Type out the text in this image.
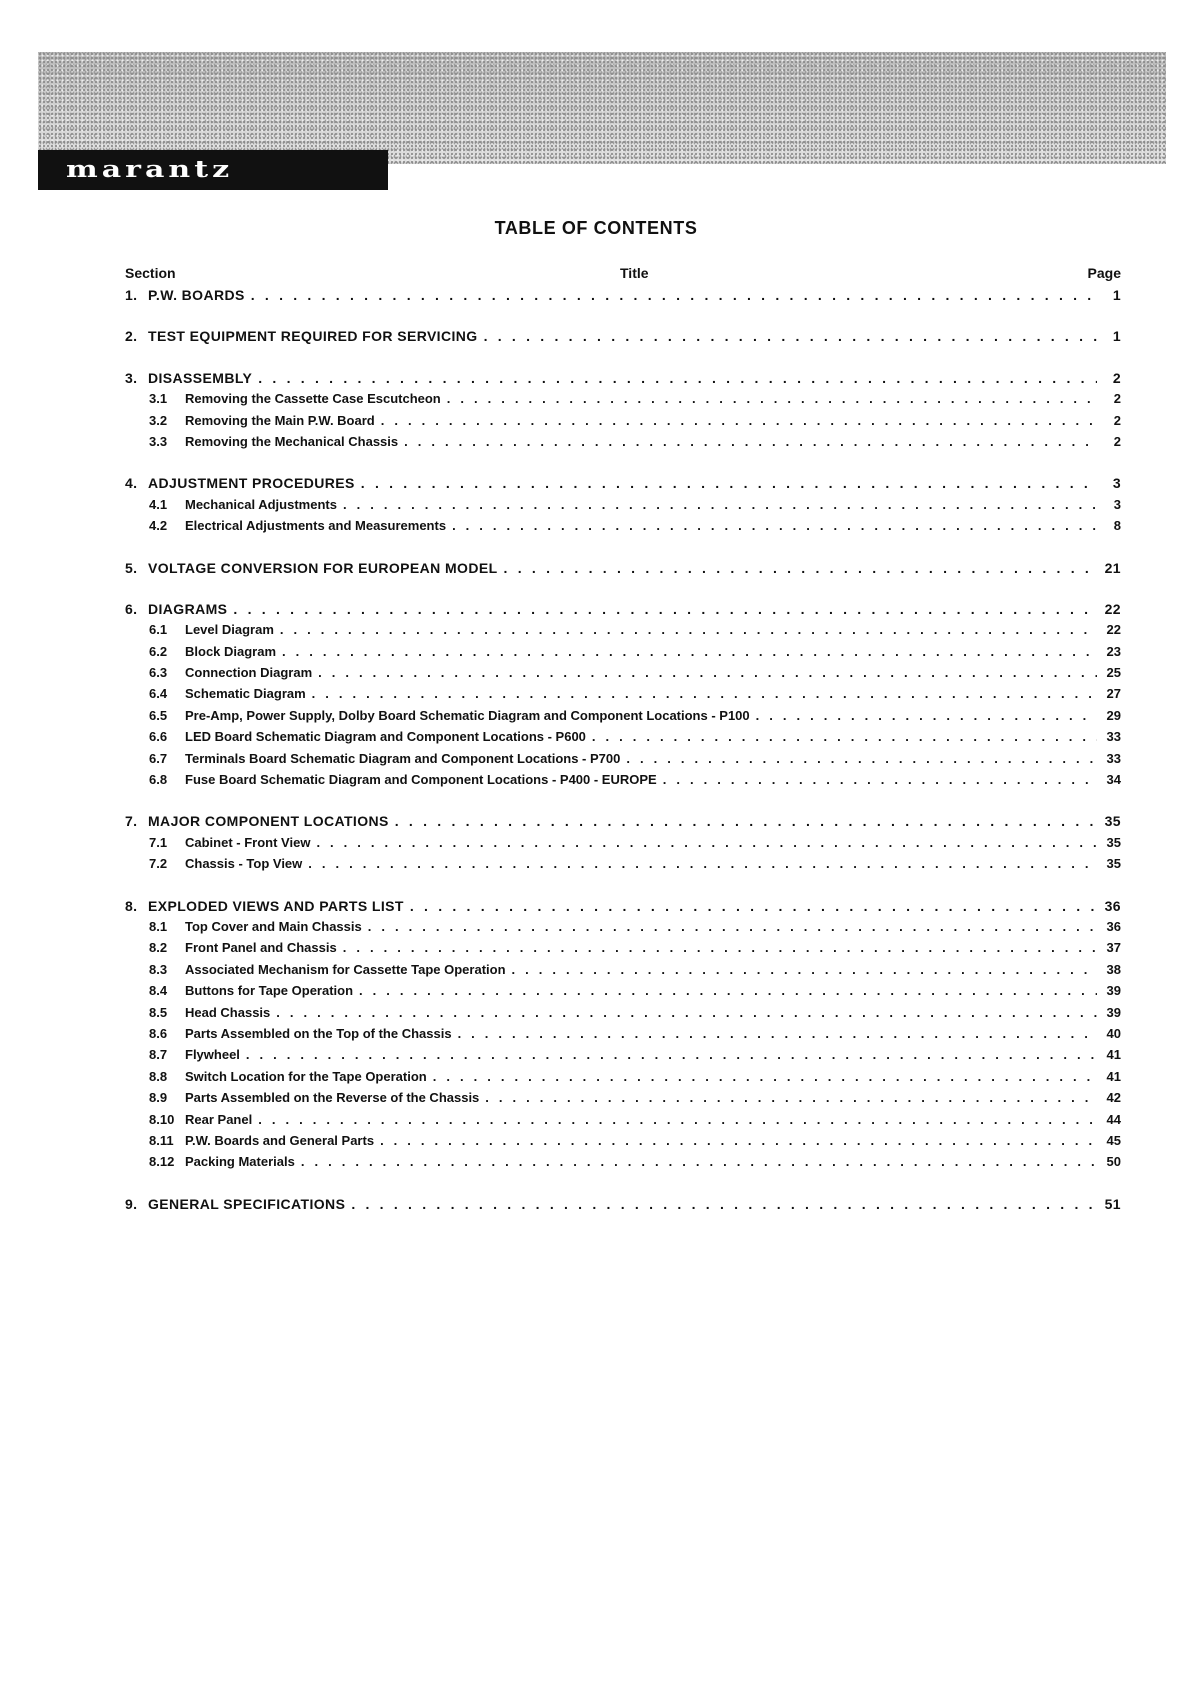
marantz
TABLE OF CONTENTS
Section	Title	Page
1. P.W. BOARDS . . .	1
2. TEST EQUIPMENT REQUIRED FOR SERVICING . . .	1
3. DISASSEMBLY . . .	2
3.1	Removing the Cassette Case Escutcheon . . .	2
3.2	Removing the Main P.W. Board . . .	2
3.3	Removing the Mechanical Chassis . . .	2
4. ADJUSTMENT PROCEDURES . . .	3
4.1	Mechanical Adjustments . . .	3
4.2	Electrical Adjustments and Measurements . . .	8
5. VOLTAGE CONVERSION FOR EUROPEAN MODEL . . .	21
6. DIAGRAMS . . .	22
6.1	Level Diagram . . .	22
6.2	Block Diagram . . .	23
6.3	Connection Diagram . . .	25
6.4	Schematic Diagram . . .	27
6.5	Pre-Amp, Power Supply, Dolby Board Schematic Diagram and Component Locations - P100 . . .	29
6.6	LED Board Schematic Diagram and Component Locations - P600 . . .	33
6.7	Terminals Board Schematic Diagram and Component Locations - P700 . . .	33
6.8	Fuse Board Schematic Diagram and Component Locations - P400 - EUROPE . . .	34
7. MAJOR COMPONENT LOCATIONS . . .	35
7.1	Cabinet - Front View . . .	35
7.2	Chassis - Top View . . .	35
8. EXPLODED VIEWS AND PARTS LIST . . .	36
8.1	Top Cover and Main Chassis . . .	36
8.2	Front Panel and Chassis . . .	37
8.3	Associated Mechanism for Cassette Tape Operation . . .	38
8.4	Buttons for Tape Operation . . .	39
8.5	Head Chassis . . .	39
8.6	Parts Assembled on the Top of the Chassis . . .	40
8.7	Flywheel . . .	41
8.8	Switch Location for the Tape Operation . . .	41
8.9	Parts Assembled on the Reverse of the Chassis . . .	42
8.10 Rear Panel . . .	44
8.11 P.W. Boards and General Parts . . .	45
8.12 Packing Materials . . .	50
9. GENERAL SPECIFICATIONS . . .	51
